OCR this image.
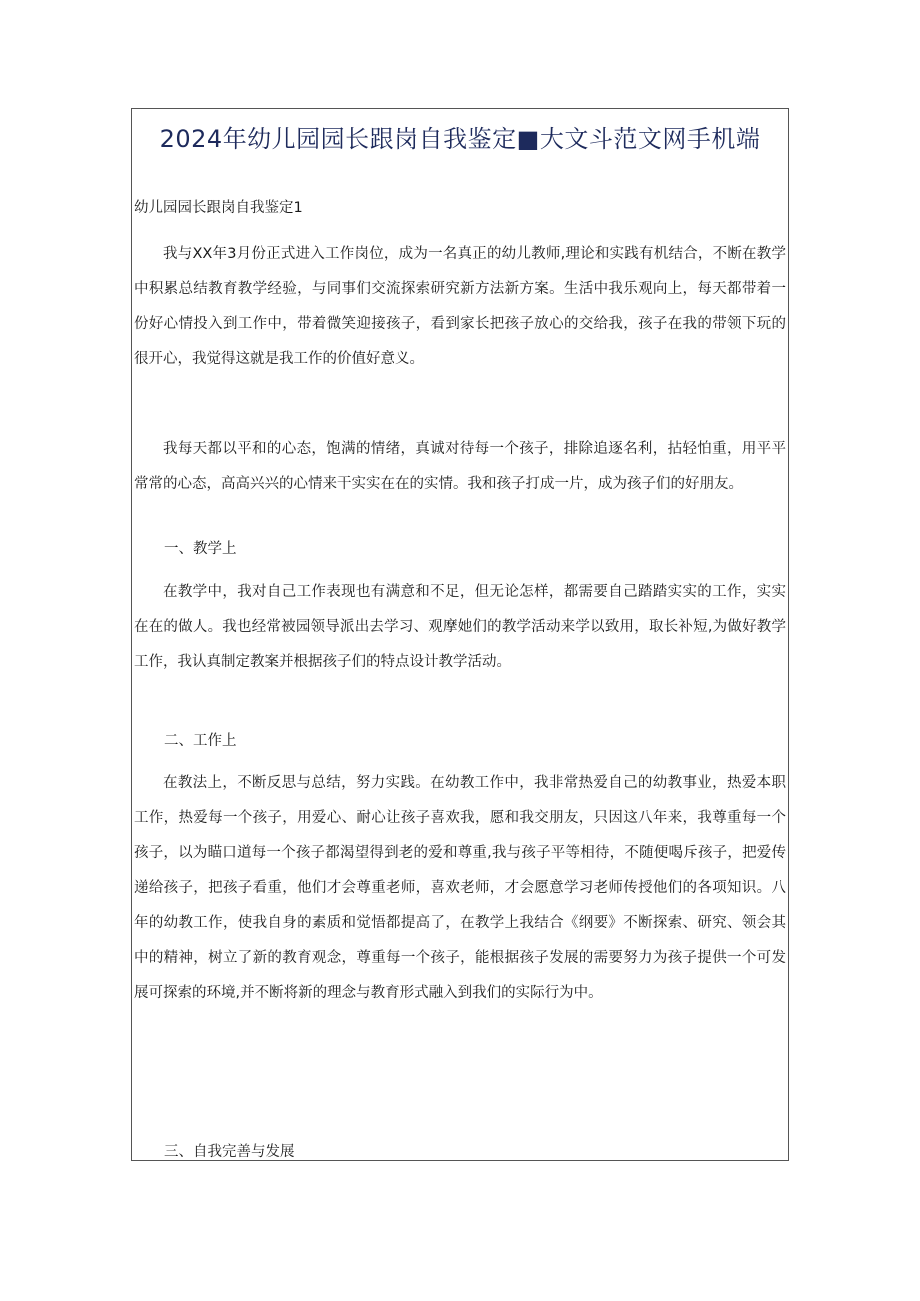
2024年幼儿园园长跟岗自我鉴定■大文斗范文网手机端
幼儿园园长跟岗自我鉴定1

我与XX年3月份正式进入工作岗位，成为一名真正的幼儿教师,理论和实践有机结合，不断在教学中积累总结教育教学经验，与同事们交流探索研究新方法新方案。生活中我乐观向上，每天都带着一份好心情投入到工作中，带着微笑迎接孩子，看到家长把孩子放心的交给我，孩子在我的带领下玩的很开心，我觉得这就是我工作的价值好意义。

我每天都以平和的心态，饱满的情绪，真诚对待每一个孩子，排除追逐名利，拈轻怕重，用平平常常的心态，高高兴兴的心情来干实实在在的实情。我和孩子打成一片，成为孩子们的好朋友。

一、教学上

在教学中，我对自己工作表现也有满意和不足，但无论怎样，都需要自己踏踏实实的工作，实实在在的做人。我也经常被园领导派出去学习、观摩她们的教学活动来学以致用，取长补短,为做好教学工作，我认真制定教案并根据孩子们的特点设计教学活动。

二、工作上

在教法上，不断反思与总结，努力实践。在幼教工作中，我非常热爱自己的幼教事业，热爱本职工作，热爱每一个孩子，用爱心、耐心让孩子喜欢我，愿和我交朋友，只因这八年来，我尊重每一个孩子，以为瞄口道每一个孩子都渴望得到老的爱和尊重,我与孩子平等相待，不随便喝斥孩子，把爱传递给孩子，把孩子看重，他们才会尊重老师，喜欢老师，才会愿意学习老师传授他们的各项知识。八年的幼教工作，使我自身的素质和觉悟都提高了，在教学上我结合《纲要》不断探索、研究、领会其中的精神，树立了新的教育观念，尊重每一个孩子，能根据孩子发展的需要努力为孩子提供一个可发展可探索的环境,并不断将新的理念与教育形式融入到我们的实际行为中。

三、自我完善与发展
